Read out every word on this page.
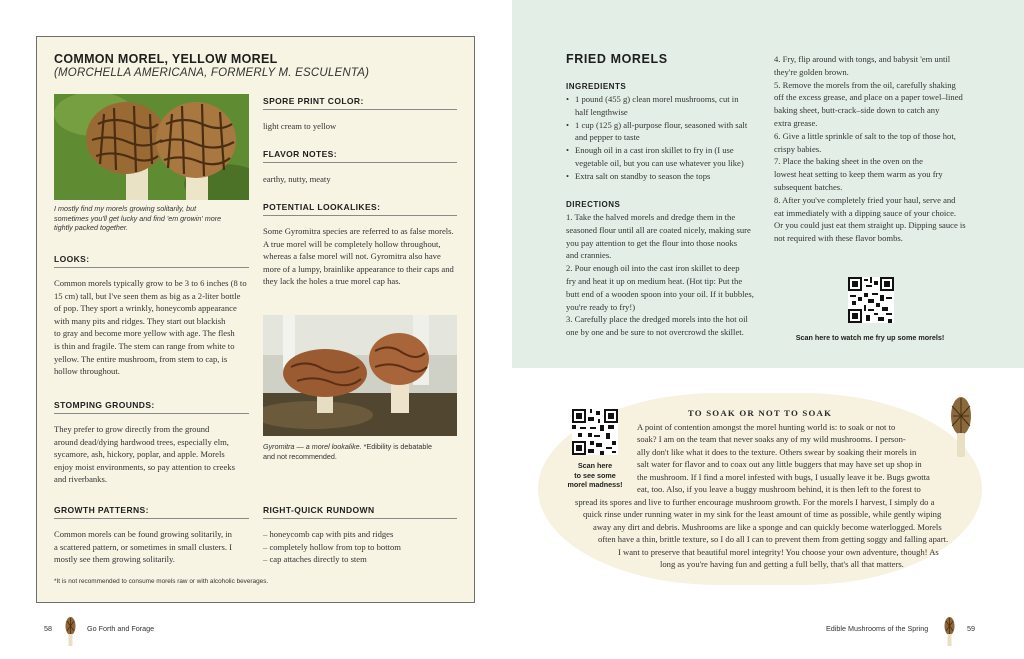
COMMON MOREL, YELLOW MOREL
(MORCHELLA AMERICANA, FORMERLY M. ESCULENTA)
I mostly find my morels growing solitarily, but
sometimes you'll get lucky and find 'em growin' more
tightly packed together.
LOOKS:
Common morels typically grow to be 3 to 6 inches (8 to
15 cm) tall, but I've seen them as big as a 2-liter bottle
of pop. They sport a wrinkly, honeycomb appearance
with many pits and ridges. They start out blackish
to gray and become more yellow with age. The flesh
is thin and fragile. The stem can range from white to
yellow. The entire mushroom, from stem to cap, is
hollow throughout.
STOMPING GROUNDS:
They prefer to grow directly from the ground
around dead/dying hardwood trees, especially elm,
sycamore, ash, hickory, poplar, and apple. Morels
enjoy moist environments, so pay attention to creeks
and riverbanks.
GROWTH PATTERNS:
Common morels can be found growing solitarily, in
a scattered pattern, or sometimes in small clusters. I
mostly see them growing solitarily.
SPORE PRINT COLOR:
light cream to yellow
FLAVOR NOTES:
earthy, nutty, meaty
POTENTIAL LOOKALIKES:
Some Gyromitra species are referred to as false morels.
A true morel will be completely hollow throughout,
whereas a false morel will not. Gyromitra also have
more of a lumpy, brainlike appearance to their caps and
they lack the holes a true morel cap has.
Gyromitra — a morel lookalike. *Edibility is debatable
and not recommended.
RIGHT-QUICK RUNDOWN
– honeycomb cap with pits and ridges
– completely hollow from top to bottom
– cap attaches directly to stem
*It is not recommended to consume morels raw or with alcoholic beverages.
58	Go Forth and Forage
FRIED MORELS
INGREDIENTS
• 1 pound (455 g) clean morel mushrooms, cut in
half lengthwise
• 1 cup (125 g) all-purpose flour, seasoned with salt
and pepper to taste
• Enough oil in a cast iron skillet to fry in (I use
vegetable oil, but you can use whatever you like)
• Extra salt on standby to season the tops
DIRECTIONS
1. Take the halved morels and dredge them in the
seasoned flour until all are coated nicely, making sure
you pay attention to get the flour into those nooks
and crannies.
2. Pour enough oil into the cast iron skillet to deep
fry and heat it up on medium heat. (Hot tip: Put the
butt end of a wooden spoon into your oil. If it bubbles,
you're ready to fry!)
3. Carefully place the dredged morels into the hot oil
one by one and be sure to not overcrowd the skillet.
4. Fry, flip around with tongs, and babysit 'em until
they're golden brown.
5. Remove the morels from the oil, carefully shaking
off the excess grease, and place on a paper towel–lined
baking sheet, butt-crack–side down to catch any
extra grease.
6. Give a little sprinkle of salt to the top of those hot,
crispy babies.
7. Place the baking sheet in the oven on the
lowest heat setting to keep them warm as you fry
subsequent batches.
8. After you've completely fried your haul, serve and
eat immediately with a dipping sauce of your choice.
Or you could just eat them straight up. Dipping sauce is
not required with these flavor bombs.
Scan here to watch me fry up some morels!
TO SOAK OR NOT TO SOAK
Scan here
to see some
morel madness!
A point of contention amongst the morel hunting world is: to soak or not to
soak? I am on the team that never soaks any of my wild mushrooms. I person-
ally don't like what it does to the texture. Others swear by soaking their morels in
salt water for flavor and to coax out any little buggers that may have set up shop in
the mushroom. If I find a morel infested with bugs, I usually leave it be. Bugs gwotta
eat, too. Also, if you leave a buggy mushroom behind, it is then left to the forest to
spread its spores and live to further encourage mushroom growth. For the morels I harvest, I simply do a
quick rinse under running water in my sink for the least amount of time as possible, while gently wiping
away any dirt and debris. Mushrooms are like a sponge and can quickly become waterlogged. Morels
often have a thin, brittle texture, so I do all I can to prevent them from getting soggy and falling apart.
I want to preserve that beautiful morel integrity! You choose your own adventure, though! As
long as you're having fun and getting a full belly, that's all that matters.
Edible Mushrooms of the Spring	59
